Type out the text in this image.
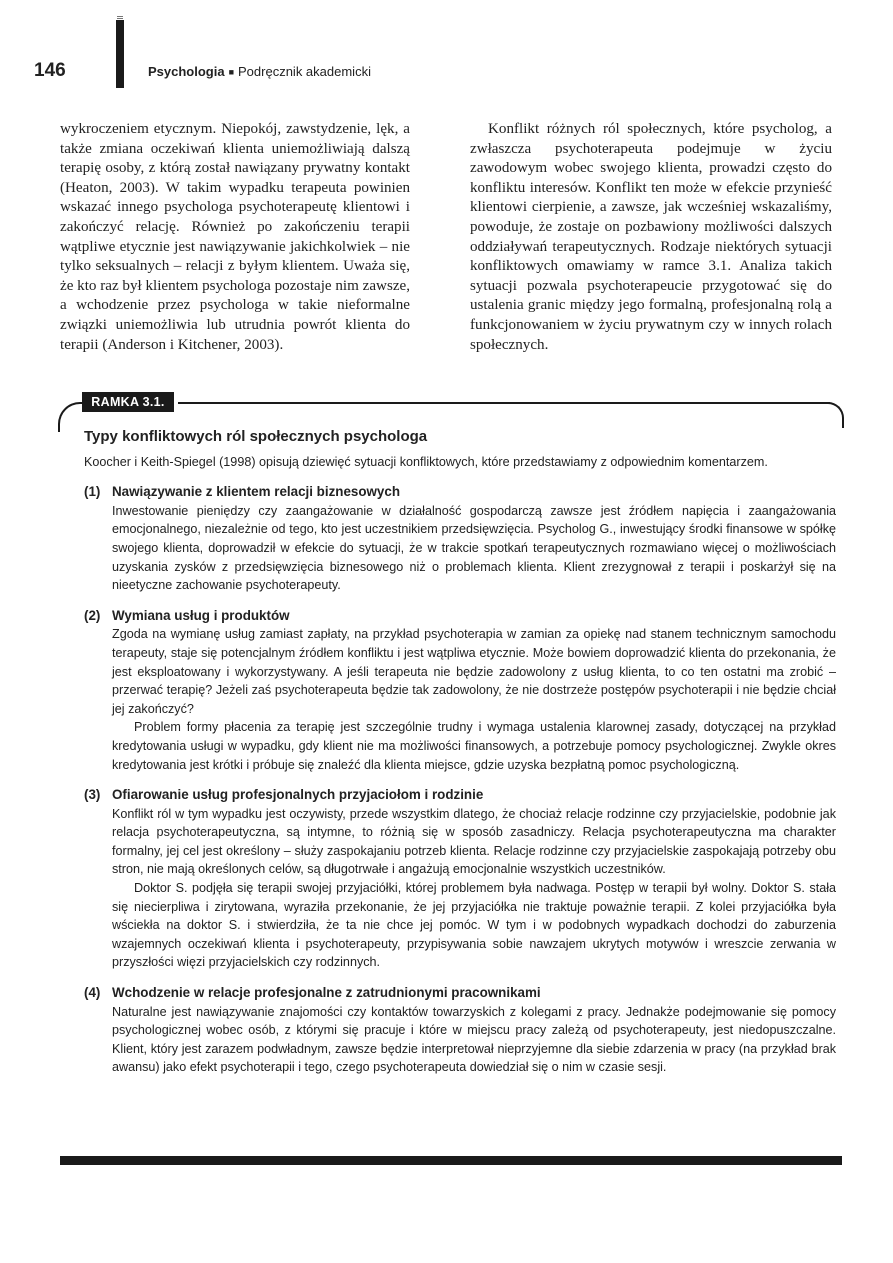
146	Psychologia ■ Podręcznik akademicki
wykroczeniem etycznym. Niepokój, zawstydzenie, lęk, a także zmiana oczekiwań klienta uniemożliwiają dalszą terapię osoby, z którą został nawiązany prywatny kontakt (Heaton, 2003). W takim wypadku terapeuta powinien wskazać innego psychologa psychoterapeutę klientowi i zakończyć relację. Również po zakończeniu terapii wątpliwe etycznie jest nawiązywanie jakichkolwiek – nie tylko seksualnych – relacji z byłym klientem. Uważa się, że kto raz był klientem psychologa pozostaje nim zawsze, a wchodzenie przez psychologa w takie nieformalne związki uniemożliwia lub utrudnia powrót klienta do terapii (Anderson i Kitchener, 2003).
Konflikt różnych ról społecznych, które psycholog, a zwłaszcza psychoterapeuta podejmuje w życiu zawodowym wobec swojego klienta, prowadzi często do konfliktu interesów. Konflikt ten może w efekcie przynieść klientowi cierpienie, a zawsze, jak wcześniej wskazaliśmy, powoduje, że zostaje on pozbawiony możliwości dalszych oddziaływań terapeutycznych. Rodzaje niektórych sytuacji konfliktowych omawiamy w ramce 3.1. Analiza takich sytuacji pozwala psychoterapeucie przygotować się do ustalenia granic między jego formalną, profesjonalną rolą a funkcjonowaniem w życiu prywatnym czy w innych rolach społecznych.
RAMKA 3.1.
Typy konfliktowych ról społecznych psychologa
Koocher i Keith-Spiegel (1998) opisują dziewięć sytuacji konfliktowych, które przedstawiamy z odpowiednim komentarzem.
(1) Nawiązywanie z klientem relacji biznesowych

Inwestowanie pieniędzy czy zaangażowanie w działalność gospodarczą zawsze jest źródłem napięcia i zaangażowania emocjonalnego, niezależnie od tego, kto jest uczestnikiem przedsięwzięcia. Psycholog G., inwestujący środki finansowe w spółkę swojego klienta, doprowadził w efekcie do sytuacji, że w trakcie spotkań terapeutycznych rozmawiano więcej o możliwościach uzyskania zysków z przedsięwzięcia biznesowego niż o problemach klienta. Klient zrezygnował z terapii i poskarżył się na nieetyczne zachowanie psychoterapeuty.

(2) Wymiana usług i produktów

Zgoda na wymianę usług zamiast zapłaty, na przykład psychoterapia w zamian za opiekę nad stanem technicznym samochodu terapeuty, staje się potencjalnym źródłem konfliktu i jest wątpliwa etycznie. Może bowiem doprowadzić klienta do przekonania, że jest eksploatowany i wykorzystywany. A jeśli terapeuta nie będzie zadowolony z usług klienta, to co ten ostatni ma zrobić – przerwać terapię? Jeżeli zaś psychoterapeuta będzie tak zadowolony, że nie dostrzeże postępów psychoterapii i nie będzie chciał jej zakończyć?

Problem formy płacenia za terapię jest szczególnie trudny i wymaga ustalenia klarownej zasady, dotyczącej na przykład kredytowania usługi w wypadku, gdy klient nie ma możliwości finansowych, a potrzebuje pomocy psychologicznej. Zwykle okres kredytowania jest krótki i próbuje się znaleźć dla klienta miejsce, gdzie uzyska bezpłatną pomoc psychologiczną.

(3) Ofiarowanie usług profesjonalnych przyjaciołom i rodzinie

Konflikt ról w tym wypadku jest oczywisty, przede wszystkim dlatego, że chociaż relacje rodzinne czy przyjacielskie, podobnie jak relacja psychoterapeutyczna, są intymne, to różnią się w sposób zasadniczy. Relacja psychoterapeutyczna ma charakter formalny, jej cel jest określony – służy zaspokajaniu potrzeb klienta. Relacje rodzinne czy przyjacielskie zaspokajają potrzeby obu stron, nie mają określonych celów, są długotrwałe i angażują emocjonalnie wszystkich uczestników.

Doktor S. podjęła się terapii swojej przyjaciółki, której problemem była nadwaga. Postęp w terapii był wolny. Doktor S. stała się niecierpliwa i zirytowana, wyraziła przekonanie, że jej przyjaciółka nie traktuje poważnie terapii. Z kolei przyjaciółka była wściekła na doktor S. i stwierdziła, że ta nie chce jej pomóc. W tym i w podobnych wypadkach dochodzi do zaburzenia wzajemnych oczekiwań klienta i psychoterapeuty, przypisywania sobie nawzajem ukrytych motywów i wreszcie zerwania w przyszłości więzi przyjacielskich czy rodzinnych.

(4) Wchodzenie w relacje profesjonalne z zatrudnionymi pracownikami

Naturalne jest nawiązywanie znajomości czy kontaktów towarzyskich z kolegami z pracy. Jednakże podejmowanie się pomocy psychologicznej wobec osób, z którymi się pracuje i które w miejscu pracy zależą od psychoterapeuty, jest niedopuszczalne. Klient, który jest zarazem podwładnym, zawsze będzie interpretował nieprzyjemne dla siebie zdarzenia w pracy (na przykład brak awansu) jako efekt psychoterapii i tego, czego psychoterapeuta dowiedział się o nim w czasie sesji.
